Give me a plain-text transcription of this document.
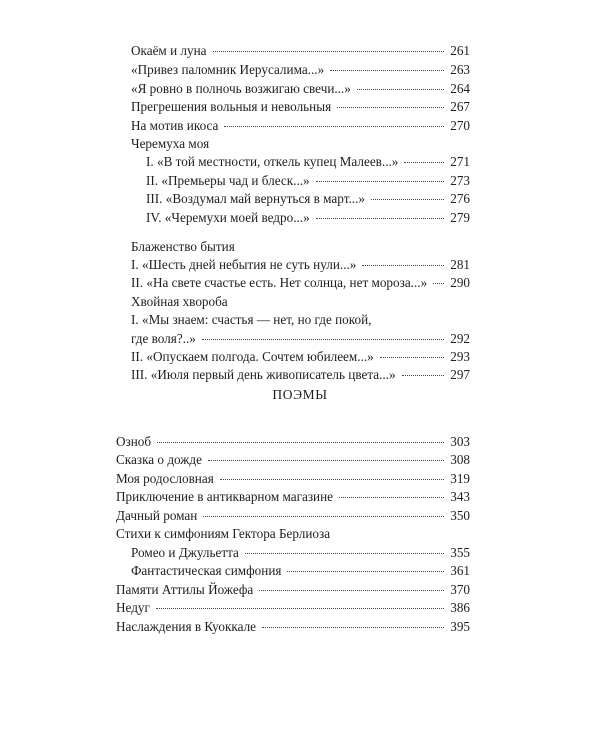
Окаём и луна	261
«Привез паломник Иерусалима...»	263
«Я ровно в полночь возжигаю свечи...»	264
Прегрешения вольныя и невольныя	267
На мотив икоса	270
Черемуха моя
I. «В той местности, откель купец Малеев...»	271
II. «Премьеры чад и блеск...»	273
III. «Воздумал май вернуться в март...»	276
IV. «Черемухи моей ведро...»	279
Блаженство бытия
I. «Шесть дней небытия не суть нули...»	281
II. «На свете счастье есть. Нет солнца, нет мороза...» 290
Хвойная хвороба
I. «Мы знаем: счастья — нет, но где покой,
где воля?..»	292
II. «Опускаем полгода. Сочтем юбилеем...»	293
III. «Июля первый день живописатель цвета...»	297
ПОЭМЫ
Озноб	303
Сказка о дожде	308
Моя родословная	319
Приключение в антикварном магазине	343
Дачный роман	350
Стихи к симфониям Гектора Берлиоза
Ромео и Джульетта	355
Фантастическая симфония	361
Памяти Аттилы Йожефа	370
Недуг	386
Наслаждения в Куоккале	395
